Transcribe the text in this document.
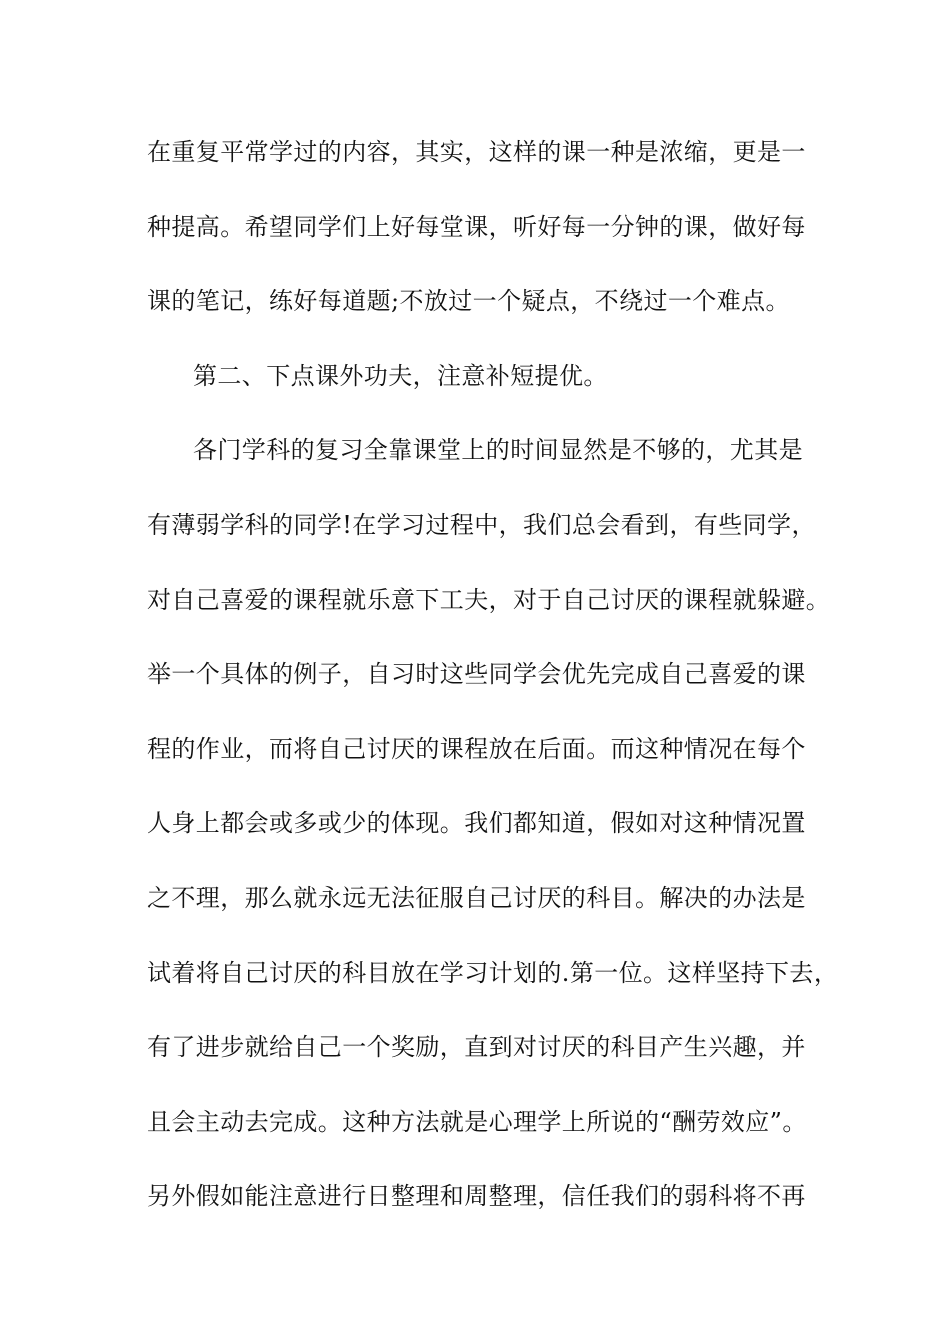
在重复平常学过的内容，其实，这样的课一种是浓缩，更是一
种提高。希望同学们上好每堂课，听好每一分钟的课，做好每
课的笔记，练好每道题;不放过一个疑点，不绕过一个难点。
第二、下点课外功夫，注意补短提优。
各门学科的复习全靠课堂上的时间显然是不够的，尤其是
有薄弱学科的同学!在学习过程中，我们总会看到，有些同学，
对自己喜爱的课程就乐意下工夫，对于自己讨厌的课程就躲避。
举一个具体的例子，自习时这些同学会优先完成自己喜爱的课
程的作业，而将自己讨厌的课程放在后面。而这种情况在每个
人身上都会或多或少的体现。我们都知道，假如对这种情况置
之不理，那么就永远无法征服自己讨厌的科目。解决的办法是
试着将自己讨厌的科目放在学习计划的.第一位。这样坚持下去，
有了进步就给自己一个奖励，直到对讨厌的科目产生兴趣，并
且会主动去完成。这种方法就是心理学上所说的“酬劳效应”。
另外假如能注意进行日整理和周整理，信任我们的弱科将不再
